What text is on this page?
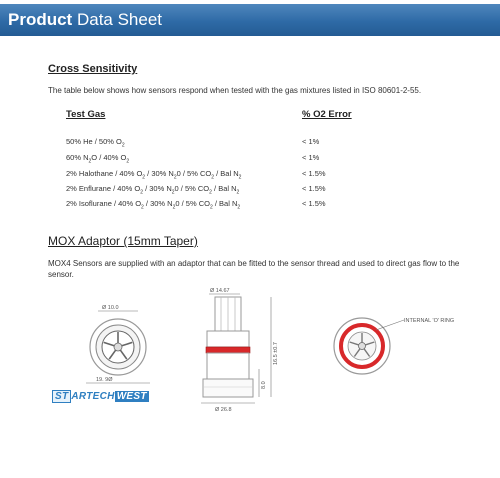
Product Data Sheet
Cross Sensitivity
The table below shows how sensors respond when tested with the gas mixtures listed in ISO 80601-2-55.
Test Gas	% O2 Error
50% He / 50% $O_2$	< 1%
60% $N_2O / 40\%$ $O_2$	< 1%
2% Halothane / 40% $O_2 / 30\%$ $N_20 / 5\%$ $CO_2$ / Bal $N_2$	< 1.5%
2% Enflurane / 40% $O_2 / 30\%$ $N_20 / 5\%$ $CO_2$ / Bal $N_2$	< 1.5%
2% Isoflurane / 40% $O_2 / 30\%$ $N_20 / 5\%$ $CO_2$ / Bal $N_2$	< 1.5%
MOX Adaptor (15mm Taper)
MOX4 Sensors are supplied with an adaptor that can be fitted to the sensor thread and used to direct gas flow to the sensor.
Ø 10.0
19. 9Ø
ST ARTECH WEST
Ø 14.67
Ø 26.8
16.5 ±0.7
8.0
INTERNAL 'O' RING
